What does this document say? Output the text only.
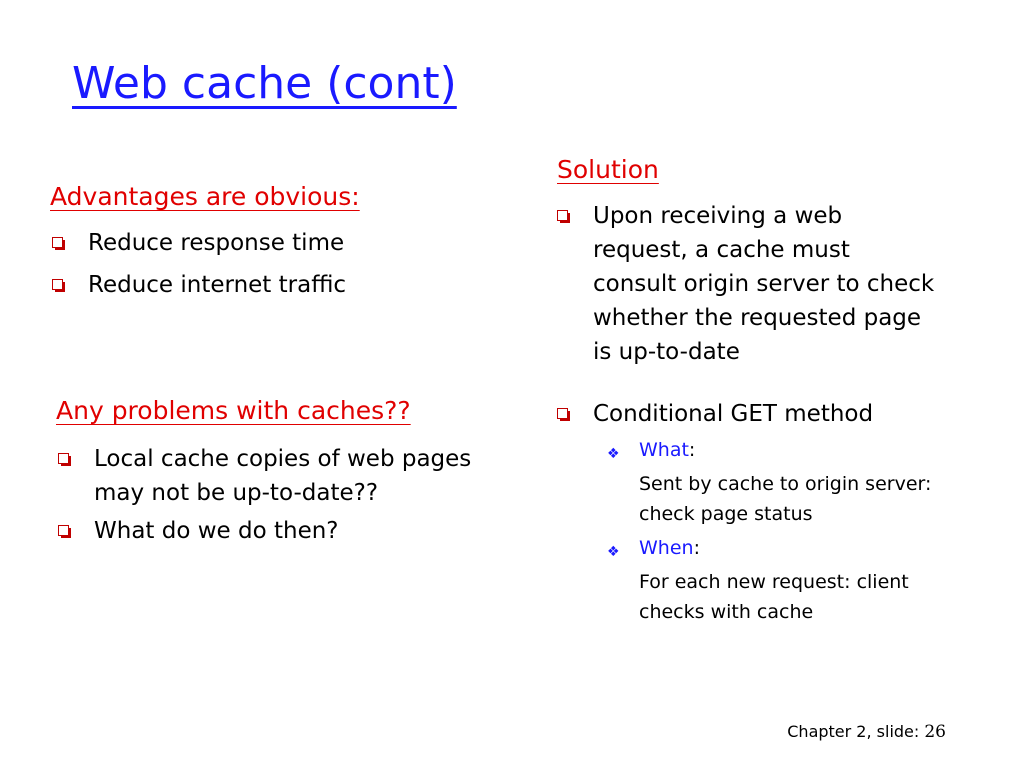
Web cache (cont)
Advantages are obvious:
Reduce response time
Reduce internet traffic
Any problems with caches??
Local cache copies of web pages may not be up-to-date??
What do we do then?
Solution
Upon receiving a web request, a cache must consult origin server to check whether the requested page is up-to-date
Conditional GET method
❖ What:
Sent by cache to origin server: check page status
❖ When:
For each new request: client checks with cache
Chapter 2, slide: 26
